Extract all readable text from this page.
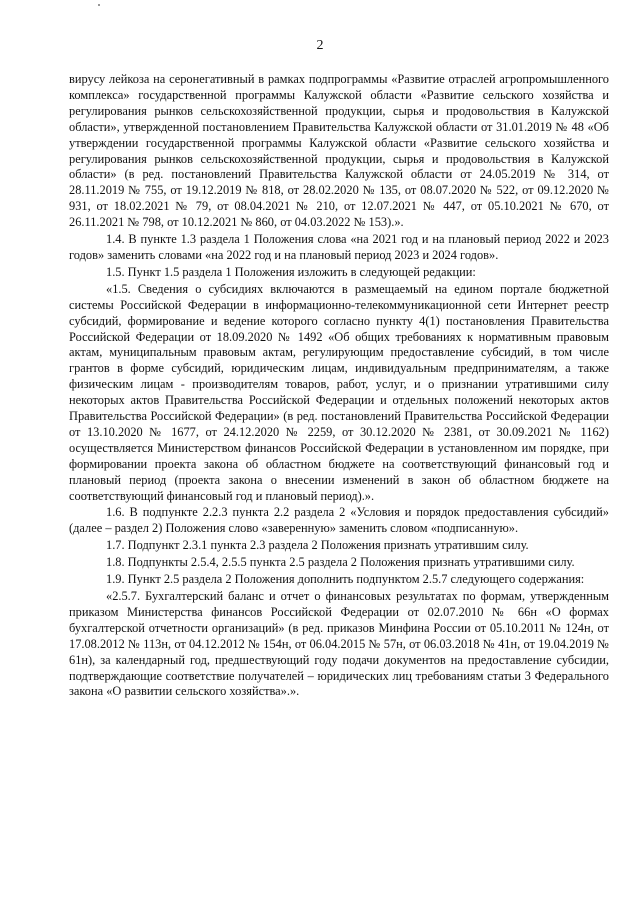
2

вирусу лейкоза на серонегативный в рамках подпрограммы «Развитие отраслей агропромышленного комплекса» государственной программы Калужской области «Развитие сельского хозяйства и регулирования рынков сельскохозяйственной продукции, сырья и продовольствия в Калужской области», утвержденной постановлением Правительства Калужской области от 31.01.2019 № 48 «Об утверждении государственной программы Калужской области «Развитие сельского хозяйства и регулирования рынков сельскохозяйственной продукции, сырья и продовольствия в Калужской области» (в ред. постановлений Правительства Калужской области от 24.05.2019 № 314, от 28.11.2019 № 755, от 19.12.2019 № 818, от 28.02.2020 № 135, от 08.07.2020 № 522, от 09.12.2020 № 931, от 18.02.2021 № 79, от 08.04.2021 № 210, от 12.07.2021 № 447, от 05.10.2021 № 670, от 26.11.2021 № 798, от 10.12.2021 № 860, от 04.03.2022 № 153).».

1.4. В пункте 1.3 раздела 1 Положения слова «на 2021 год и на плановый период 2022 и 2023 годов» заменить словами «на 2022 год и на плановый период 2023 и 2024 годов».

1.5. Пункт 1.5 раздела 1 Положения изложить в следующей редакции:

«1.5. Сведения о субсидиях включаются в размещаемый на едином портале бюджетной системы Российской Федерации в информационно-телекоммуникационной сети Интернет реестр субсидий, формирование и ведение которого согласно пункту 4(1) постановления Правительства Российской Федерации от 18.09.2020 № 1492 «Об общих требованиях к нормативным правовым актам, муниципальным правовым актам, регулирующим предоставление субсидий, в том числе грантов в форме субсидий, юридическим лицам, индивидуальным предпринимателям, а также физическим лицам - производителям товаров, работ, услуг, и о признании утратившими силу некоторых актов Правительства Российской Федерации и отдельных положений некоторых актов Правительства Российской Федерации» (в ред. постановлений Правительства Российской Федерации от 13.10.2020 № 1677, от 24.12.2020 № 2259, от 30.12.2020 № 2381, от 30.09.2021 № 1162) осуществляется Министерством финансов Российской Федерации в установленном им порядке, при формировании проекта закона об областном бюджете на соответствующий финансовый год и плановый период (проекта закона о внесении изменений в закон об областном бюджете на соответствующий финансовый год и плановый период).».

1.6. В подпункте 2.2.3 пункта 2.2 раздела 2 «Условия и порядок предоставления субсидий» (далее – раздел 2) Положения слово «заверенную» заменить словом «подписанную».

1.7. Подпункт 2.3.1 пункта 2.3 раздела 2 Положения признать утратившим силу.

1.8. Подпункты 2.5.4, 2.5.5 пункта 2.5 раздела 2 Положения признать утратившими силу.

1.9. Пункт 2.5 раздела 2 Положения дополнить подпунктом 2.5.7 следующего содержания:

«2.5.7. Бухгалтерский баланс и отчет о финансовых результатах по формам, утвержденным приказом Министерства финансов Российской Федерации от 02.07.2010 № 66н «О формах бухгалтерской отчетности организаций» (в ред. приказов Минфина России от 05.10.2011 № 124н, от 17.08.2012 № 113н, от 04.12.2012 № 154н, от 06.04.2015 № 57н, от 06.03.2018 № 41н, от 19.04.2019 № 61н), за календарный год, предшествующий году подачи документов на предоставление субсидии, подтверждающие соответствие получателей – юридических лиц требованиям статьи 3 Федерального закона «О развитии сельского хозяйства».».
